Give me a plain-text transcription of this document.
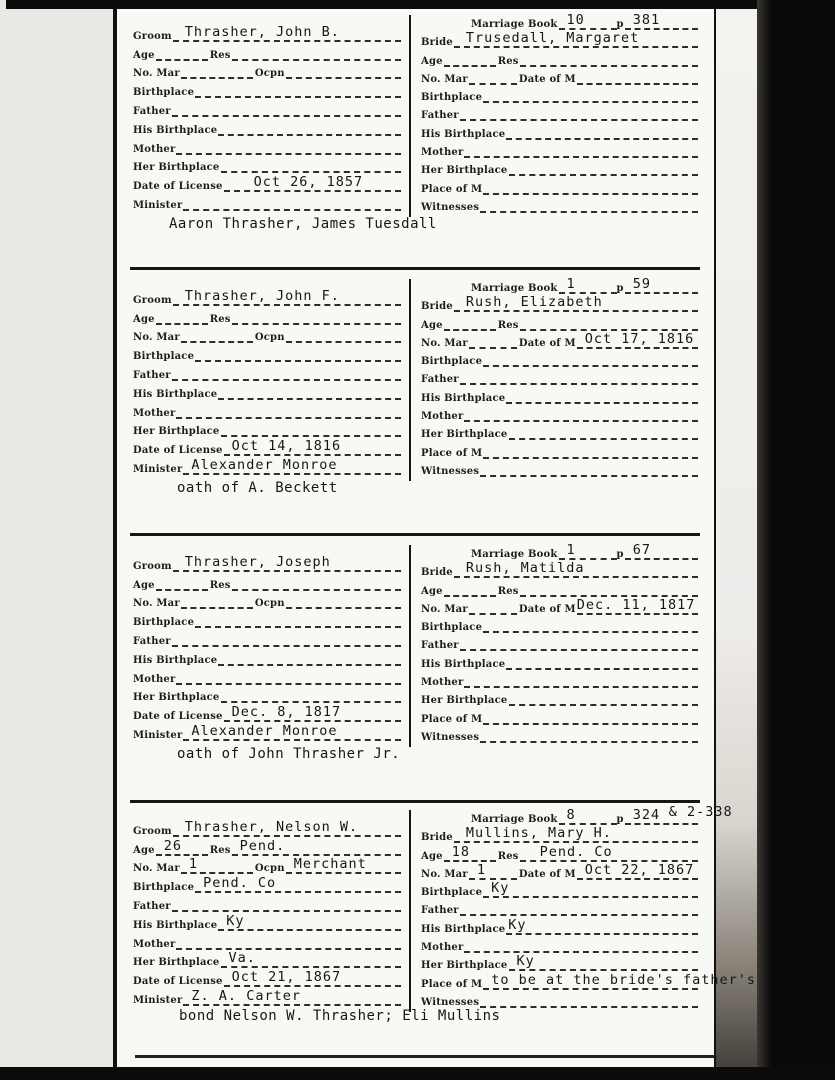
Groom Thrasher, John B.
Age	Res
No. Mar	Ocpn
Birthplace
Father
His Birthplace
Mother
Her Birthplace
Date of License Oct 26, 1857
Minister
Marriage Book 10	p 381
Bride Trusedall, Margaret
Age	Res
No. Mar	Date of M
Birthplace
Father
His Birthplace
Mother
Her Birthplace
Place of M
Witnesses
Aaron Thrasher, James Tuesdall
Groom Thrasher, John F.
Age	Res
No. Mar	Ocpn
Birthplace
Father
His Birthplace
Mother
Her Birthplace
Date of License Oct 14, 1816
Minister Alexander Monroe
Marriage Book 1	p 59
Bride Rush, Elizabeth
Age	Res
No. Mar	Date of M Oct 17, 1816
Birthplace
Father
His Birthplace
Mother
Her Birthplace
Place of M
Witnesses
oath of A. Beckett
Groom Thrasher, Joseph
Age	Res
No. Mar	Ocpn
Birthplace
Father
His Birthplace
Mother
Her Birthplace
Date of License Dec. 8, 1817
Minister Alexander Monroe
Marriage Book 1	p 67
Bride Rush, Matilda
Age	Res
No. Mar	Date of M Dec. 11, 1817
Birthplace
Father
His Birthplace
Mother
Her Birthplace
Place of M
Witnesses
oath of John Thrasher Jr.
Groom Thrasher, Nelson W.
Age 26	Res Pend.
No. Mar 1	Ocpn Merchant
Birthplace Pend. Co
Father
His Birthplace Ky
Mother
Her Birthplace Va.
Date of License Oct 21, 1867
Minister Z. A. Carter
Marriage Book 8	p 324 & 2-338
Bride Mullins, Mary H.
Age 18	Res Pend. Co
No. Mar 1	Date of M Oct 22, 1867
Birthplace Ky
Father
His Birthplace Ky
Mother
Her Birthplace Ky
Place of M to be at the bride's father's
Witnesses
bond Nelson W. Thrasher; Eli Mullins
